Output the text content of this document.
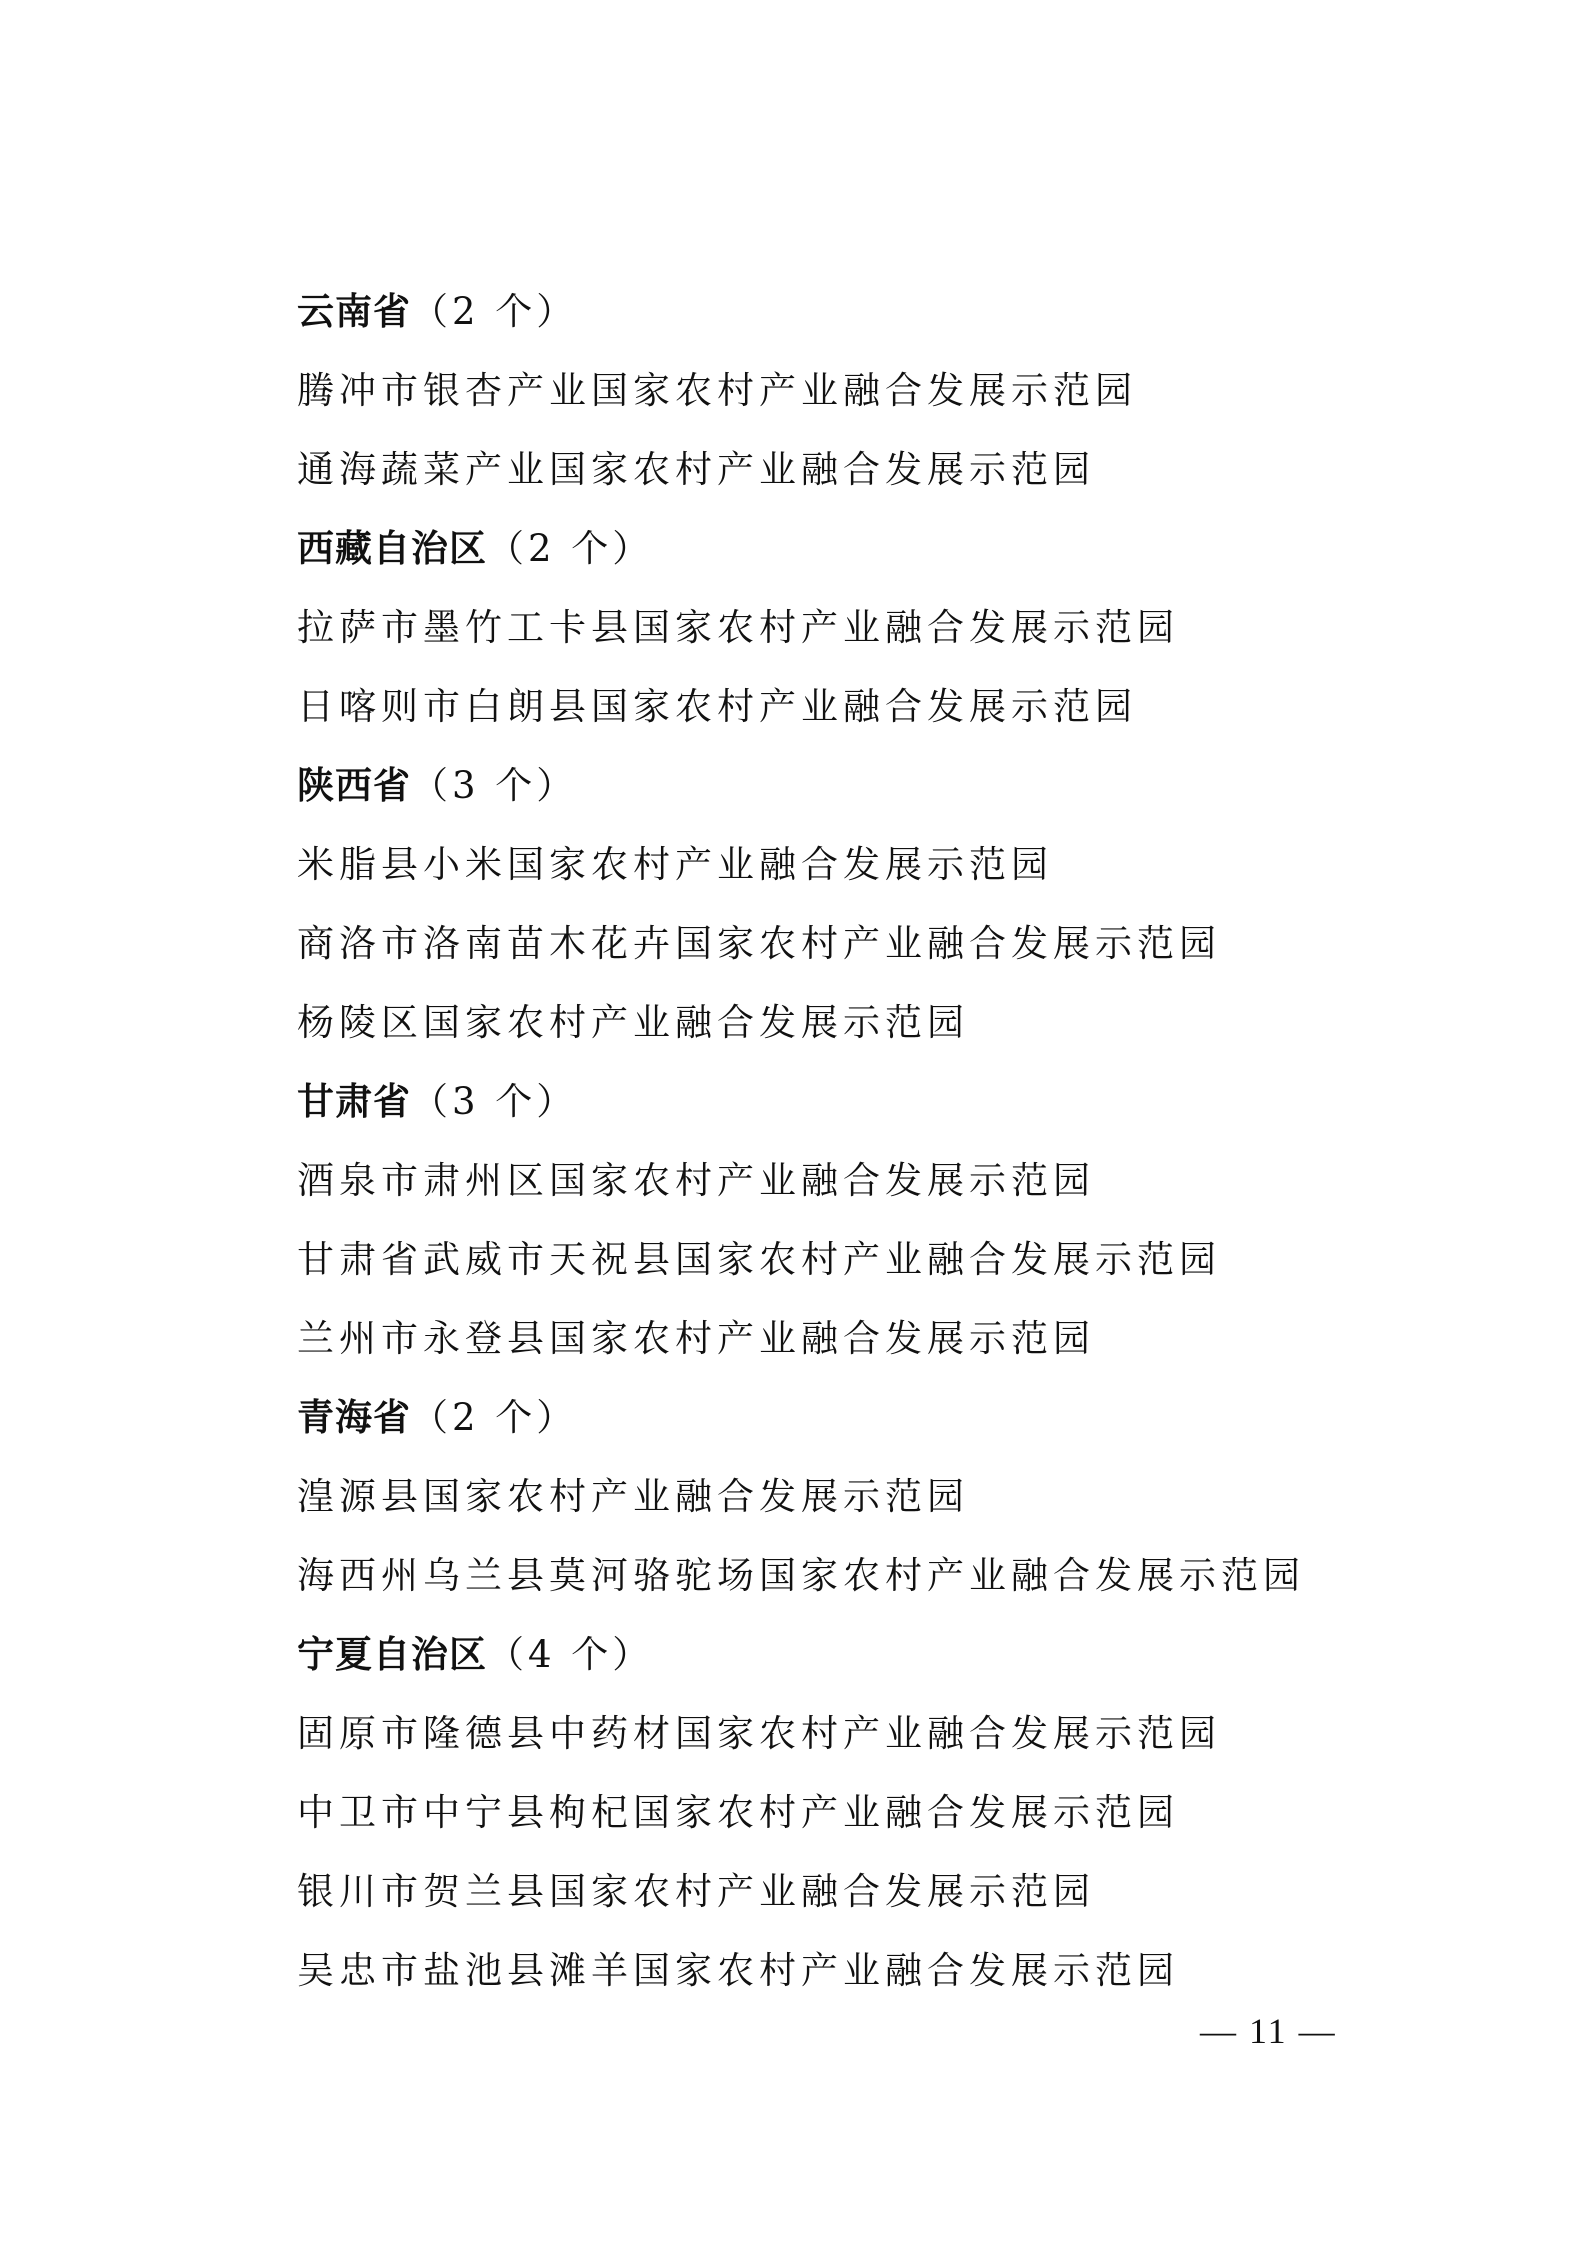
云南省（2 个）
腾冲市银杏产业国家农村产业融合发展示范园
通海蔬菜产业国家农村产业融合发展示范园
西藏自治区（2 个）
拉萨市墨竹工卡县国家农村产业融合发展示范园
日喀则市白朗县国家农村产业融合发展示范园
陕西省（3 个）
米脂县小米国家农村产业融合发展示范园
商洛市洛南苗木花卉国家农村产业融合发展示范园
杨陵区国家农村产业融合发展示范园
甘肃省（3 个）
酒泉市肃州区国家农村产业融合发展示范园
甘肃省武威市天祝县国家农村产业融合发展示范园
兰州市永登县国家农村产业融合发展示范园
青海省（2 个）
湟源县国家农村产业融合发展示范园
海西州乌兰县莫河骆驼场国家农村产业融合发展示范园
宁夏自治区（4 个）
固原市隆德县中药材国家农村产业融合发展示范园
中卫市中宁县枸杞国家农村产业融合发展示范园
银川市贺兰县国家农村产业融合发展示范园
吴忠市盐池县滩羊国家农村产业融合发展示范园
— 11 —
